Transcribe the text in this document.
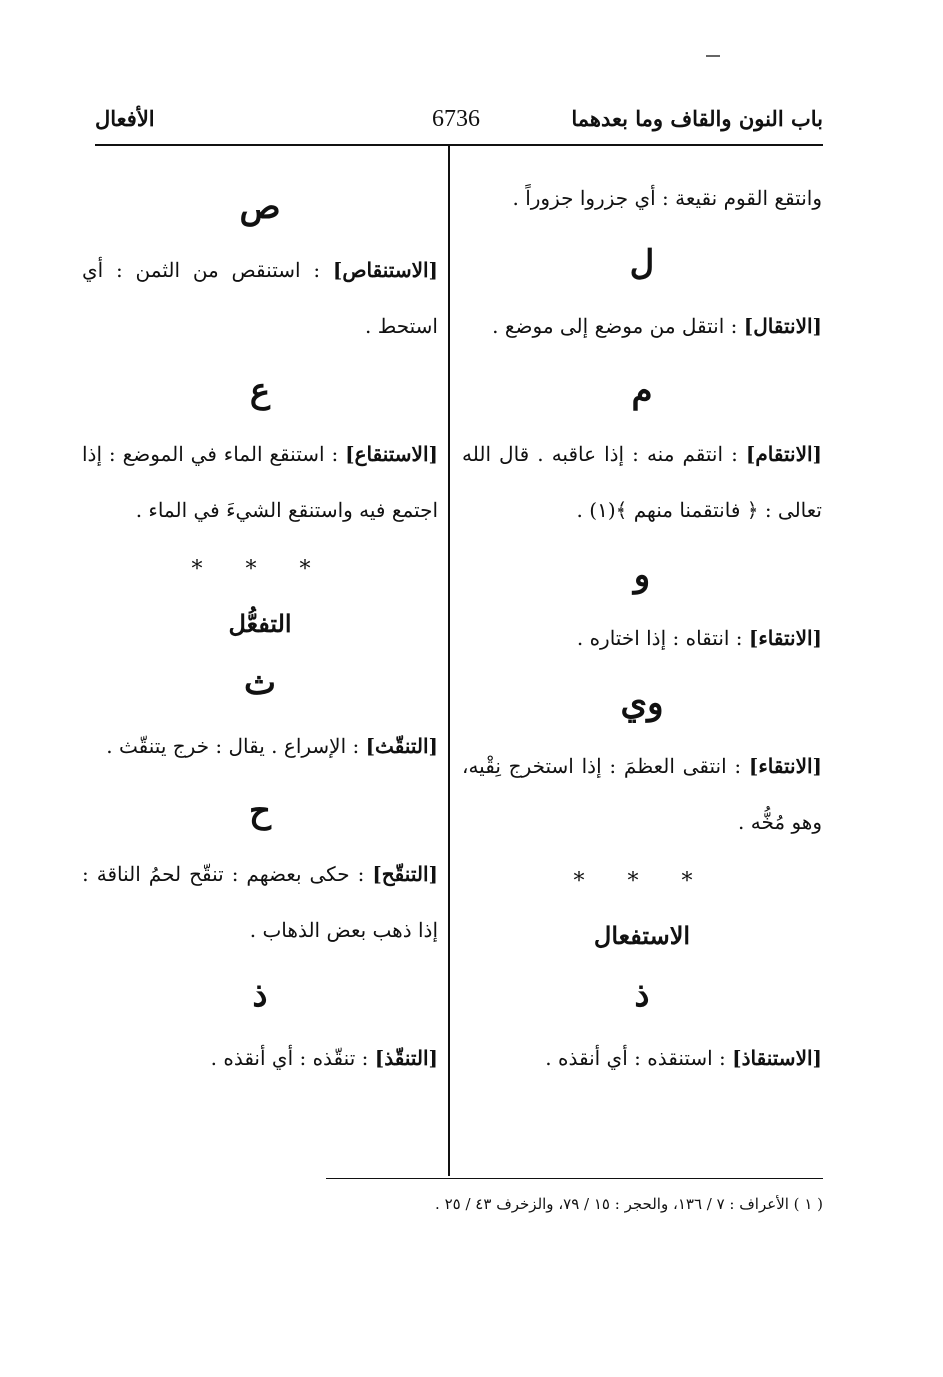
باب النون والقاف وما بعدهما
6736
الأفعال

وانتقع القوم نقيعة : أي جزروا جزوراً .

ل

[الانتقال] : انتقل من موضع إلى موضع .

م

[الانتقام] : انتقم منه : إذا عاقبه . قال الله تعالى : ﴿ فانتقمنا منهم ﴾(١) .

و

[الانتقاء] : انتقاه : إذا اختاره .

وي

[الانتقاء] : انتقى العظمَ : إذا استخرج نِقْيه، وهو مُخُّه .

* * *
الاستفعال
ذ

[الاستنقاذ] : استنقذه : أي أنقذه .

ص

[الاستنقاص] : استنقص من الثمن : أي استحط .

ع

[الاستنقاع] : استنقع الماء في الموضع : إذا اجتمع فيه واستنقع الشيءَ في الماء .

* * *
التفعُّل
ث

[التنقّث] : الإسراع . يقال : خرج يتنقّث .

ح

[التنقّح] : حكى بعضهم : تنقّح لحمُ الناقة : إذا ذهب بعض الذهاب .

ذ

[التنقّذ] : تنقّذه : أي أنقذه .

( ١ ) الأعراف : ٧ / ١٣٦، والحجر : ١٥ / ٧٩، والزخرف ٤٣ / ٢٥ .
